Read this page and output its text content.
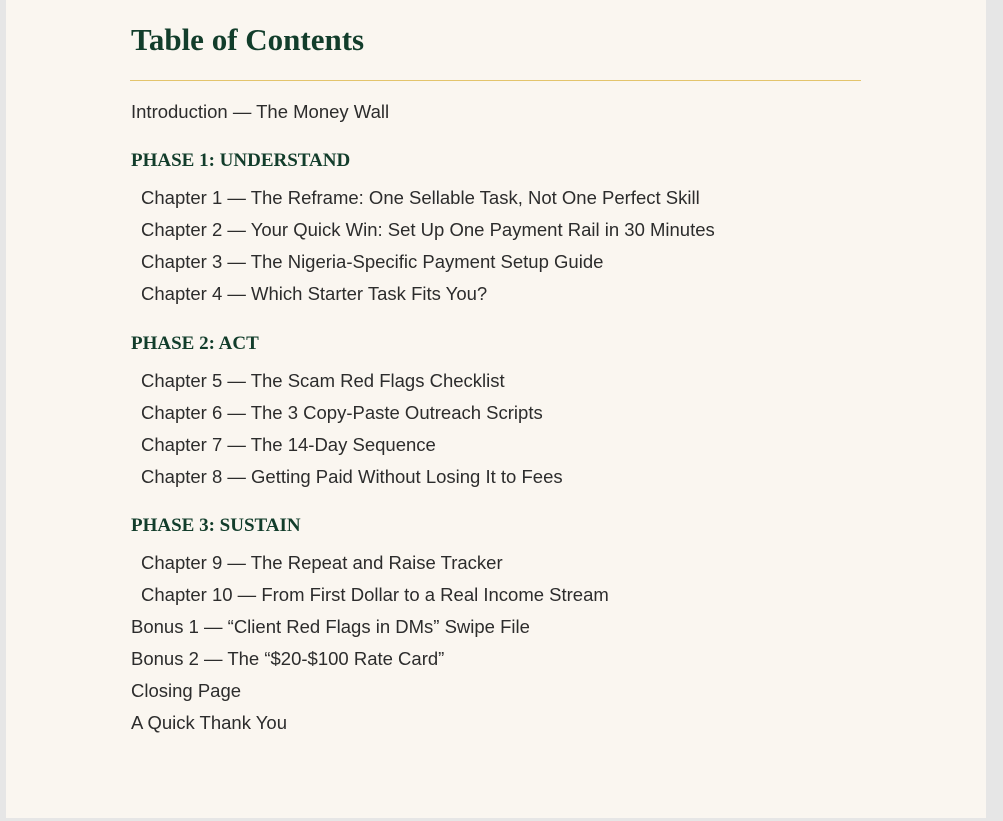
Table of Contents
Introduction — The Money Wall
PHASE 1: UNDERSTAND
Chapter 1 — The Reframe: One Sellable Task, Not One Perfect Skill
Chapter 2 — Your Quick Win: Set Up One Payment Rail in 30 Minutes
Chapter 3 — The Nigeria-Specific Payment Setup Guide
Chapter 4 — Which Starter Task Fits You?
PHASE 2: ACT
Chapter 5 — The Scam Red Flags Checklist
Chapter 6 — The 3 Copy-Paste Outreach Scripts
Chapter 7 — The 14-Day Sequence
Chapter 8 — Getting Paid Without Losing It to Fees
PHASE 3: SUSTAIN
Chapter 9 — The Repeat and Raise Tracker
Chapter 10 — From First Dollar to a Real Income Stream
Bonus 1 — “Client Red Flags in DMs” Swipe File
Bonus 2 — The “$20-$100 Rate Card”
Closing Page
A Quick Thank You
